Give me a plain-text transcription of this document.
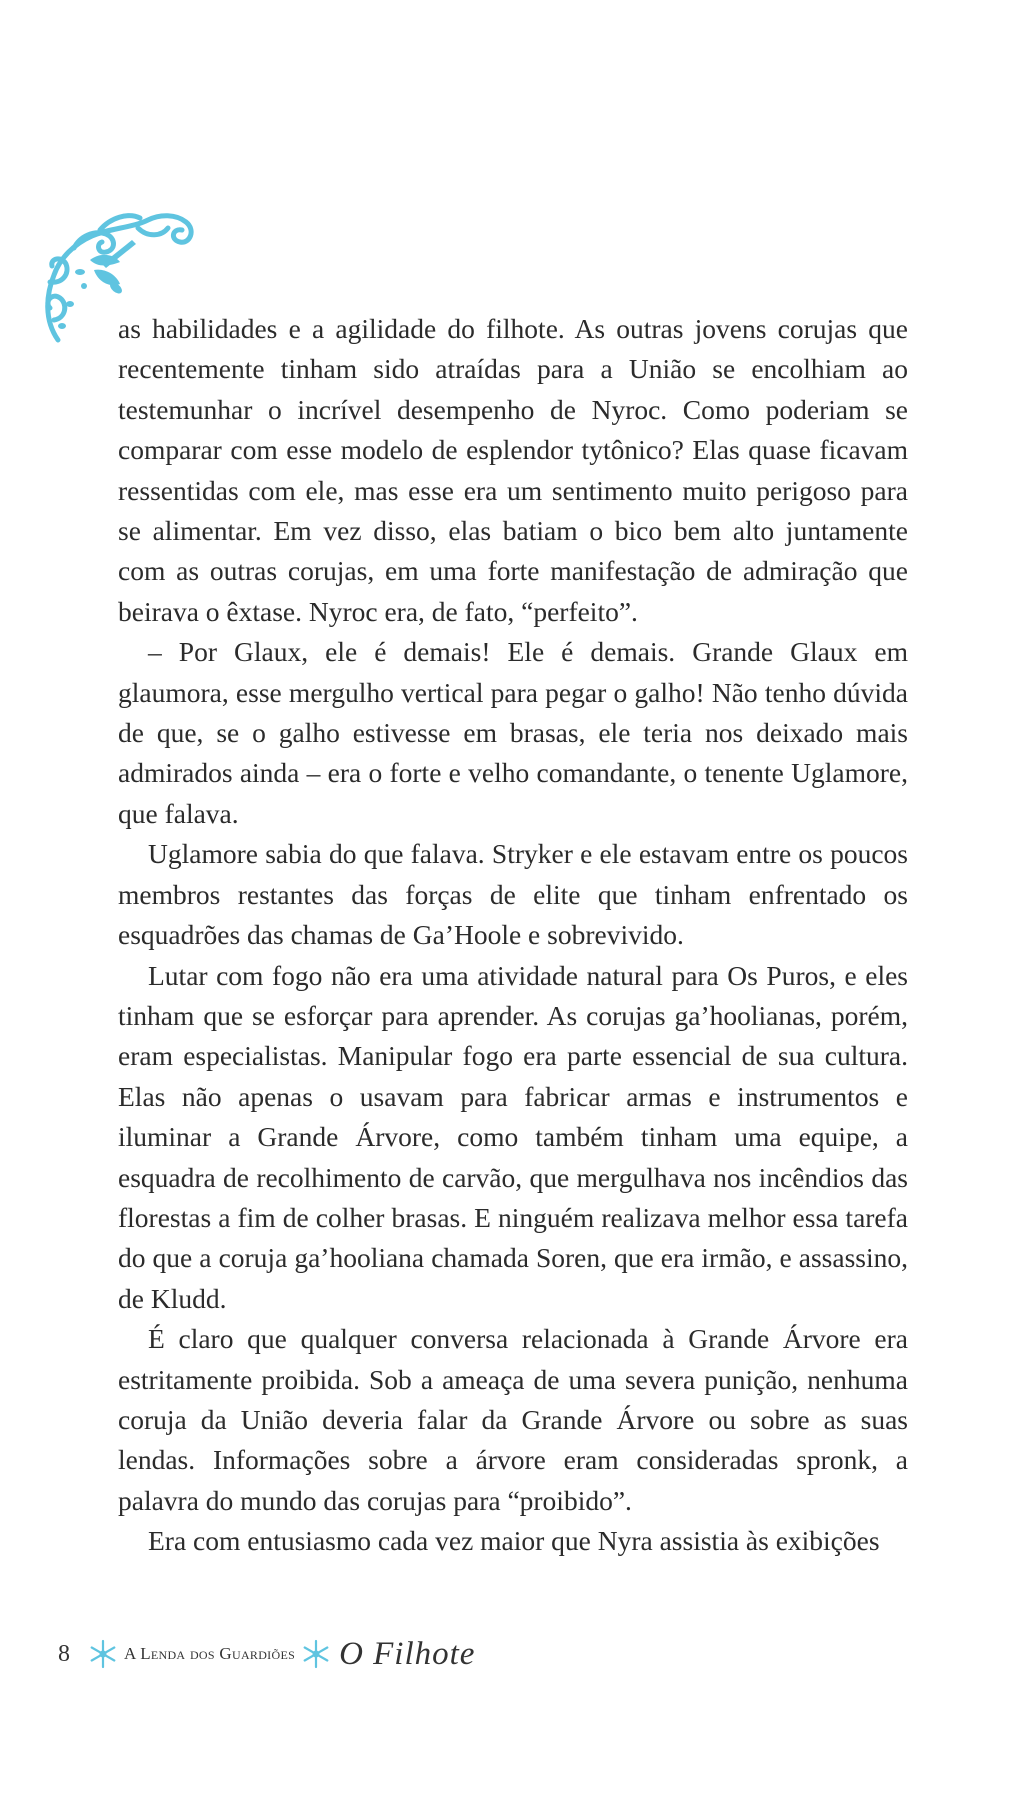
as habilidades e a agilidade do filhote. As outras jovens corujas que recentemente tinham sido atraídas para a União se encolhiam ao testemunhar o incrível desempenho de Nyroc. Como poderiam se comparar com esse modelo de esplendor tytônico? Elas quase ficavam ressentidas com ele, mas esse era um sentimento muito perigoso para se alimentar. Em vez disso, elas batiam o bico bem alto juntamente com as outras corujas, em uma forte manifestação de admiração que beirava o êxtase. Nyroc era, de fato, “perfeito”.

– Por Glaux, ele é demais! Ele é demais. Grande Glaux em glaumora, esse mergulho vertical para pegar o galho! Não tenho dúvida de que, se o galho estivesse em brasas, ele teria nos deixado mais admirados ainda – era o forte e velho comandante, o tenente Uglamore, que falava.

Uglamore sabia do que falava. Stryker e ele estavam entre os poucos membros restantes das forças de elite que tinham enfrentado os esquadrões das chamas de Ga’Hoole e sobrevivido.

Lutar com fogo não era uma atividade natural para Os Puros, e eles tinham que se esforçar para aprender. As corujas ga’hoolianas, porém, eram especialistas. Manipular fogo era parte essencial de sua cultura. Elas não apenas o usavam para fabricar armas e instrumentos e iluminar a Grande Árvore, como também tinham uma equipe, a esquadra de recolhimento de carvão, que mergulhava nos incêndios das florestas a fim de colher brasas. E ninguém realizava melhor essa tarefa do que a coruja ga’hooliana chamada Soren, que era irmão, e assassino, de Kludd.

É claro que qualquer conversa relacionada à Grande Árvore era estritamente proibida. Sob a ameaça de uma severa punição, nenhuma coruja da União deveria falar da Grande Árvore ou sobre as suas lendas. Informações sobre a árvore eram consideradas spronk, a palavra do mundo das corujas para “proibido”.

Era com entusiasmo cada vez maior que Nyra assistia às exibições

8	A Lenda dos Guardiões O Filhote
